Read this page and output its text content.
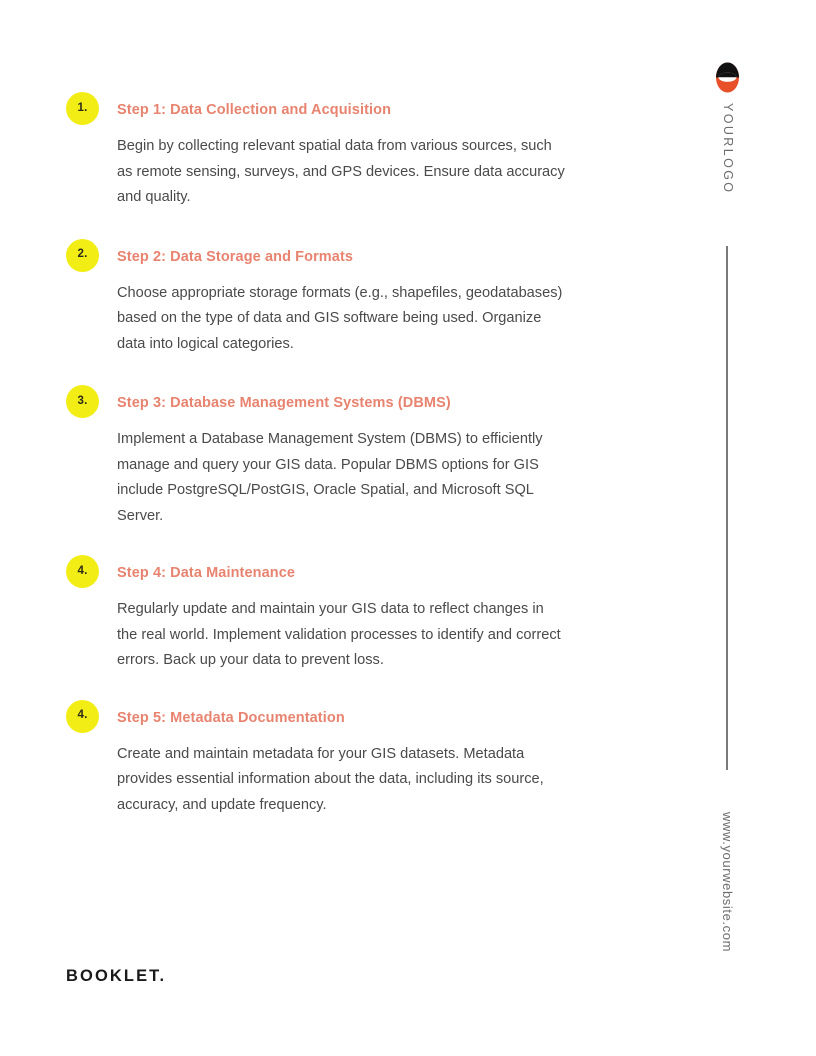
YOURLOGO
www.yourwebsite.com
1.	Step 1: Data Collection and Acquisition

Begin by collecting relevant spatial data from various sources, such as remote sensing, surveys, and GPS devices. Ensure data accuracy and quality.

2.	Step 2: Data Storage and Formats

Choose appropriate storage formats (e.g., shapefiles, geodatabases) based on the type of data and GIS software being used. Organize data into logical categories.

3.	Step 3: Database Management Systems (DBMS)

Implement a Database Management System (DBMS) to efficiently manage and query your GIS data. Popular DBMS options for GIS include PostgreSQL/PostGIS, Oracle Spatial, and Microsoft SQL Server.

4.	Step 4: Data Maintenance

Regularly update and maintain your GIS data to reflect changes in the real world. Implement validation processes to identify and correct errors. Back up your data to prevent loss.

4.	Step 5: Metadata Documentation

Create and maintain metadata for your GIS datasets. Metadata provides essential information about the data, including its source, accuracy, and update frequency.

BOOKLET.
